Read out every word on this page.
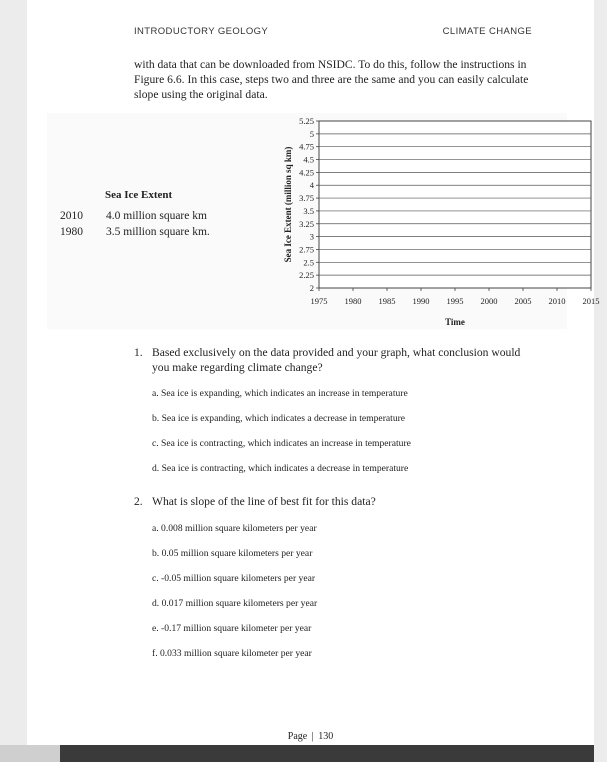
INTRODUCTORY GEOLOGY	CLIMATE CHANGE
with data that can be downloaded from NSIDC. To do this, follow the instructions in Figure 6.6. In this case, steps two and three are the same and you can easily calculate slope using the original data.
Sea Ice Extent
2010 4.0 million square km
1980 3.5 million square km.
2
2.25
2.5
2.75
3
3.25
3.5
3.75
4
4.25
4.5
4.75
5
5.25
1975 1980 1985 1990 1995 2000 2005 2010 2015
Time
Sea Ice Extent (million sq km)
1. Based exclusively on the data provided and your graph, what conclusion would you make regarding climate change?
a. Sea ice is expanding, which indicates an increase in temperature
b. Sea ice is expanding, which indicates a decrease in temperature
c. Sea ice is contracting, which indicates an increase in temperature
d. Sea ice is contracting, which indicates a decrease in temperature
2. What is slope of the line of best fit for this data?
a. 0.008 million square kilometers per year
b. 0.05 million square kilometers per year
c. -0.05 million square kilometers per year
d. 0.017 million square kilometers per year
e. -0.17 million square kilometer per year
f. 0.033 million square kilometer per year
Page | 130
